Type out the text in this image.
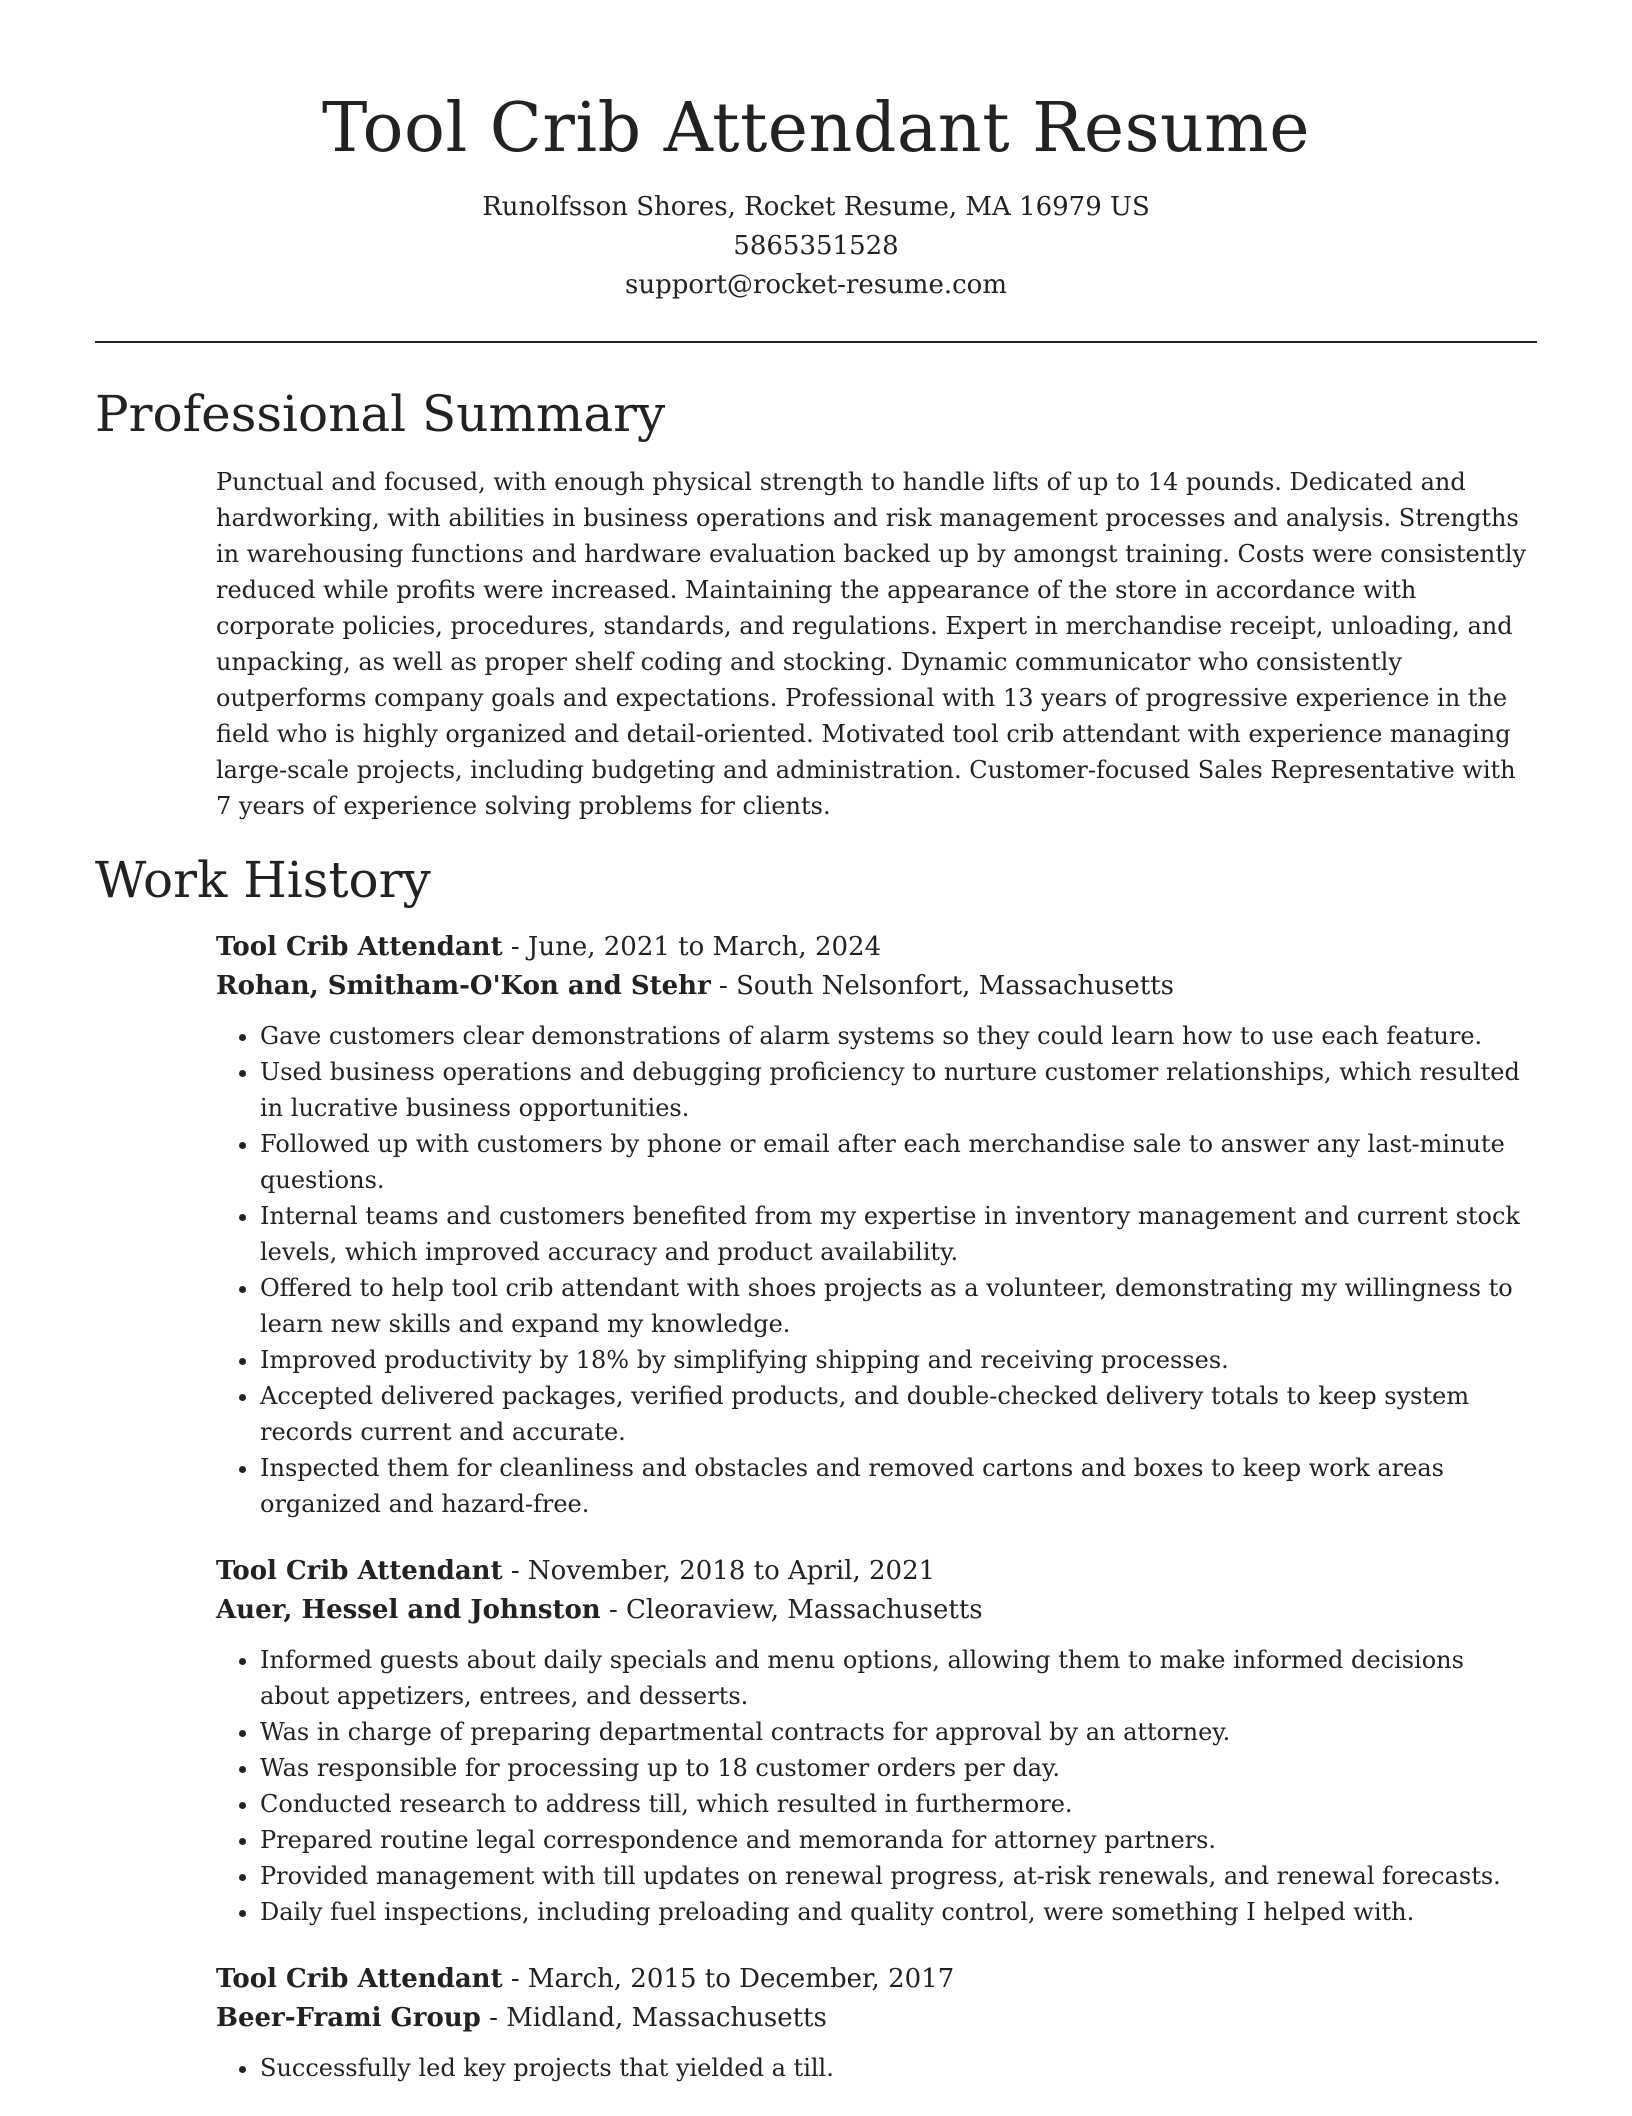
Tool Crib Attendant Resume
Runolfsson Shores, Rocket Resume, MA 16979 US
5865351528
support@rocket-resume.com
Professional Summary

Punctual and focused, with enough physical strength to handle lifts of up to 14 pounds. Dedicated and hardworking, with abilities in business operations and risk management processes and analysis. Strengths in warehousing functions and hardware evaluation backed up by amongst training. Costs were consistently reduced while profits were increased. Maintaining the appearance of the store in accordance with corporate policies, procedures, standards, and regulations. Expert in merchandise receipt, unloading, and unpacking, as well as proper shelf coding and stocking. Dynamic communicator who consistently outperforms company goals and expectations. Professional with 13 years of progressive experience in the field who is highly organized and detail-oriented. Motivated tool crib attendant with experience managing large-scale projects, including budgeting and administration. Customer-focused Sales Representative with 7 years of experience solving problems for clients.

Work History
Tool Crib Attendant - June, 2021 to March, 2024
Rohan, Smitham-O'Kon and Stehr - South Nelsonfort, Massachusetts
• Gave customers clear demonstrations of alarm systems so they could learn how to use each feature.
• Used business operations and debugging proficiency to nurture customer relationships, which resulted in lucrative business opportunities.
• Followed up with customers by phone or email after each merchandise sale to answer any last-minute questions.
• Internal teams and customers benefited from my expertise in inventory management and current stock levels, which improved accuracy and product availability.
• Offered to help tool crib attendant with shoes projects as a volunteer, demonstrating my willingness to learn new skills and expand my knowledge.
• Improved productivity by 18% by simplifying shipping and receiving processes.
• Accepted delivered packages, verified products, and double-checked delivery totals to keep system records current and accurate.
• Inspected them for cleanliness and obstacles and removed cartons and boxes to keep work areas organized and hazard-free.
Tool Crib Attendant - November, 2018 to April, 2021
Auer, Hessel and Johnston - Cleoraview, Massachusetts
• Informed guests about daily specials and menu options, allowing them to make informed decisions about appetizers, entrees, and desserts.
• Was in charge of preparing departmental contracts for approval by an attorney.
• Was responsible for processing up to 18 customer orders per day.
• Conducted research to address till, which resulted in furthermore.
• Prepared routine legal correspondence and memoranda for attorney partners.
• Provided management with till updates on renewal progress, at-risk renewals, and renewal forecasts.
• Daily fuel inspections, including preloading and quality control, were something I helped with.
Tool Crib Attendant - March, 2015 to December, 2017
Beer-Frami Group - Midland, Massachusetts
• Successfully led key projects that yielded a till.
